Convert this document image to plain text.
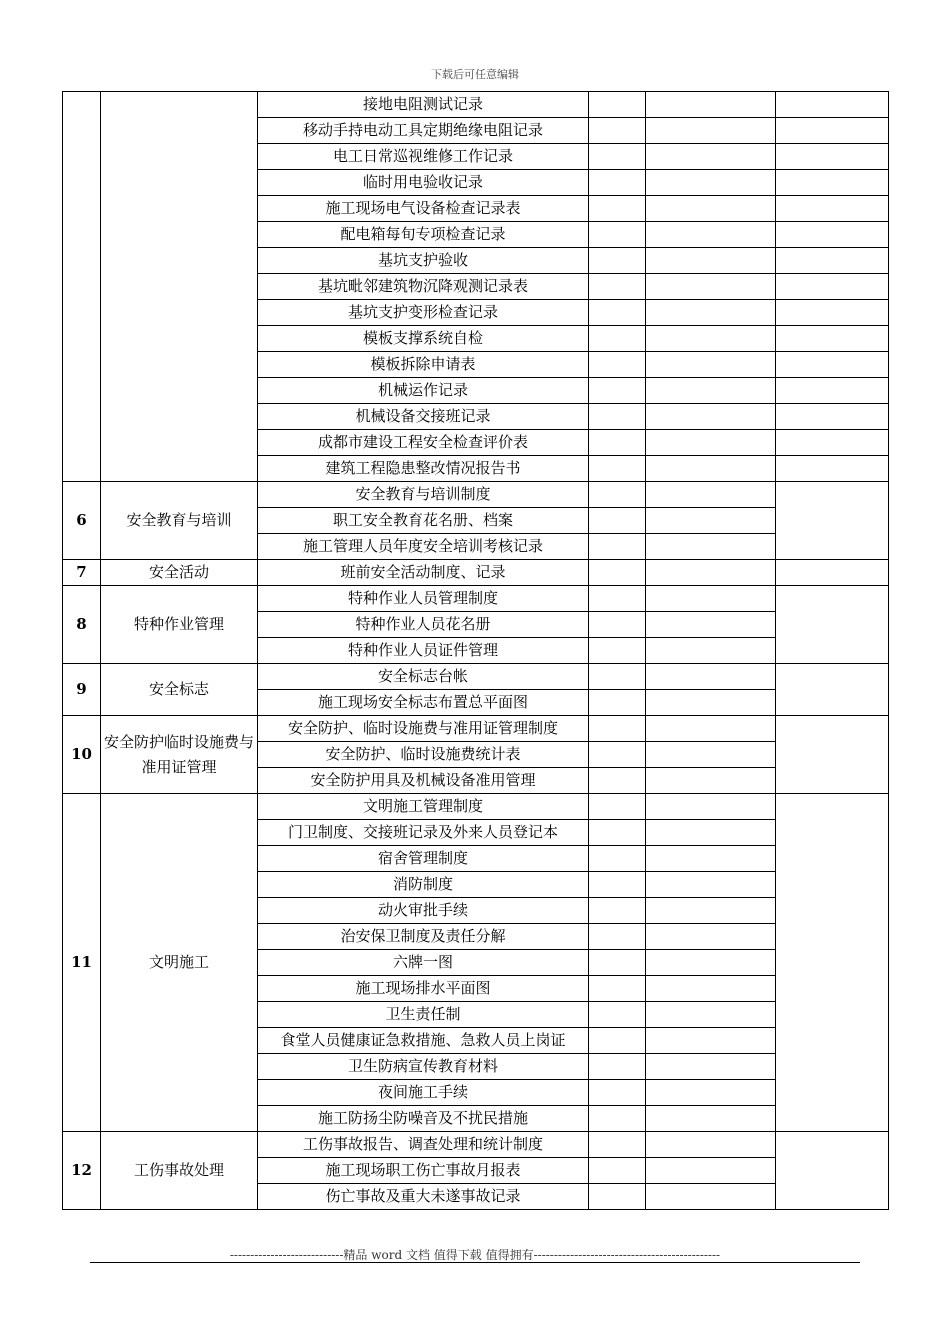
下载后可任意编辑
		接地电阻测试记录			
		移动手持电动工具定期绝缘电阻记录			
		电工日常巡视维修工作记录			
		临时用电验收记录			
		施工现场电气设备检查记录表			
		配电箱每旬专项检查记录			
		基坑支护验收			
		基坑毗邻建筑物沉降观测记录表			
		基坑支护变形检查记录			
		模板支撑系统自检			
		模板拆除申请表			
		机械运作记录			
		机械设备交接班记录			
		成都市建设工程安全检查评价表			
		建筑工程隐患整改情况报告书			
6	安全教育与培训	安全教育与培训制度			
		职工安全教育花名册、档案			
		施工管理人员年度安全培训考核记录			
7	安全活动	班前安全活动制度、记录			
8	特种作业管理	特种作业人员管理制度			
		特种作业人员花名册			
		特种作业人员证件管理			
9	安全标志	安全标志台帐			
		施工现场安全标志布置总平面图			
10	安全防护临时设施费与准用证管理	安全防护、临时设施费与准用证管理制度			
		安全防护、临时设施费统计表			
		安全防护用具及机械设备准用管理			
11	文明施工	文明施工管理制度			
		门卫制度、交接班记录及外来人员登记本			
		宿舍管理制度			
		消防制度			
		动火审批手续			
		治安保卫制度及责任分解			
		六牌一图			
		施工现场排水平面图			
		卫生责任制			
		食堂人员健康证急救措施、急救人员上岗证			
		卫生防病宣传教育材料			
		夜间施工手续			
		施工防扬尘防噪音及不扰民措施			
12	工伤事故处理	工伤事故报告、调查处理和统计制度			
		施工现场职工伤亡事故月报表			
		伤亡事故及重大未遂事故记录			
----------------------------精品 word 文档 值得下载 值得拥有----------------------------------------------
